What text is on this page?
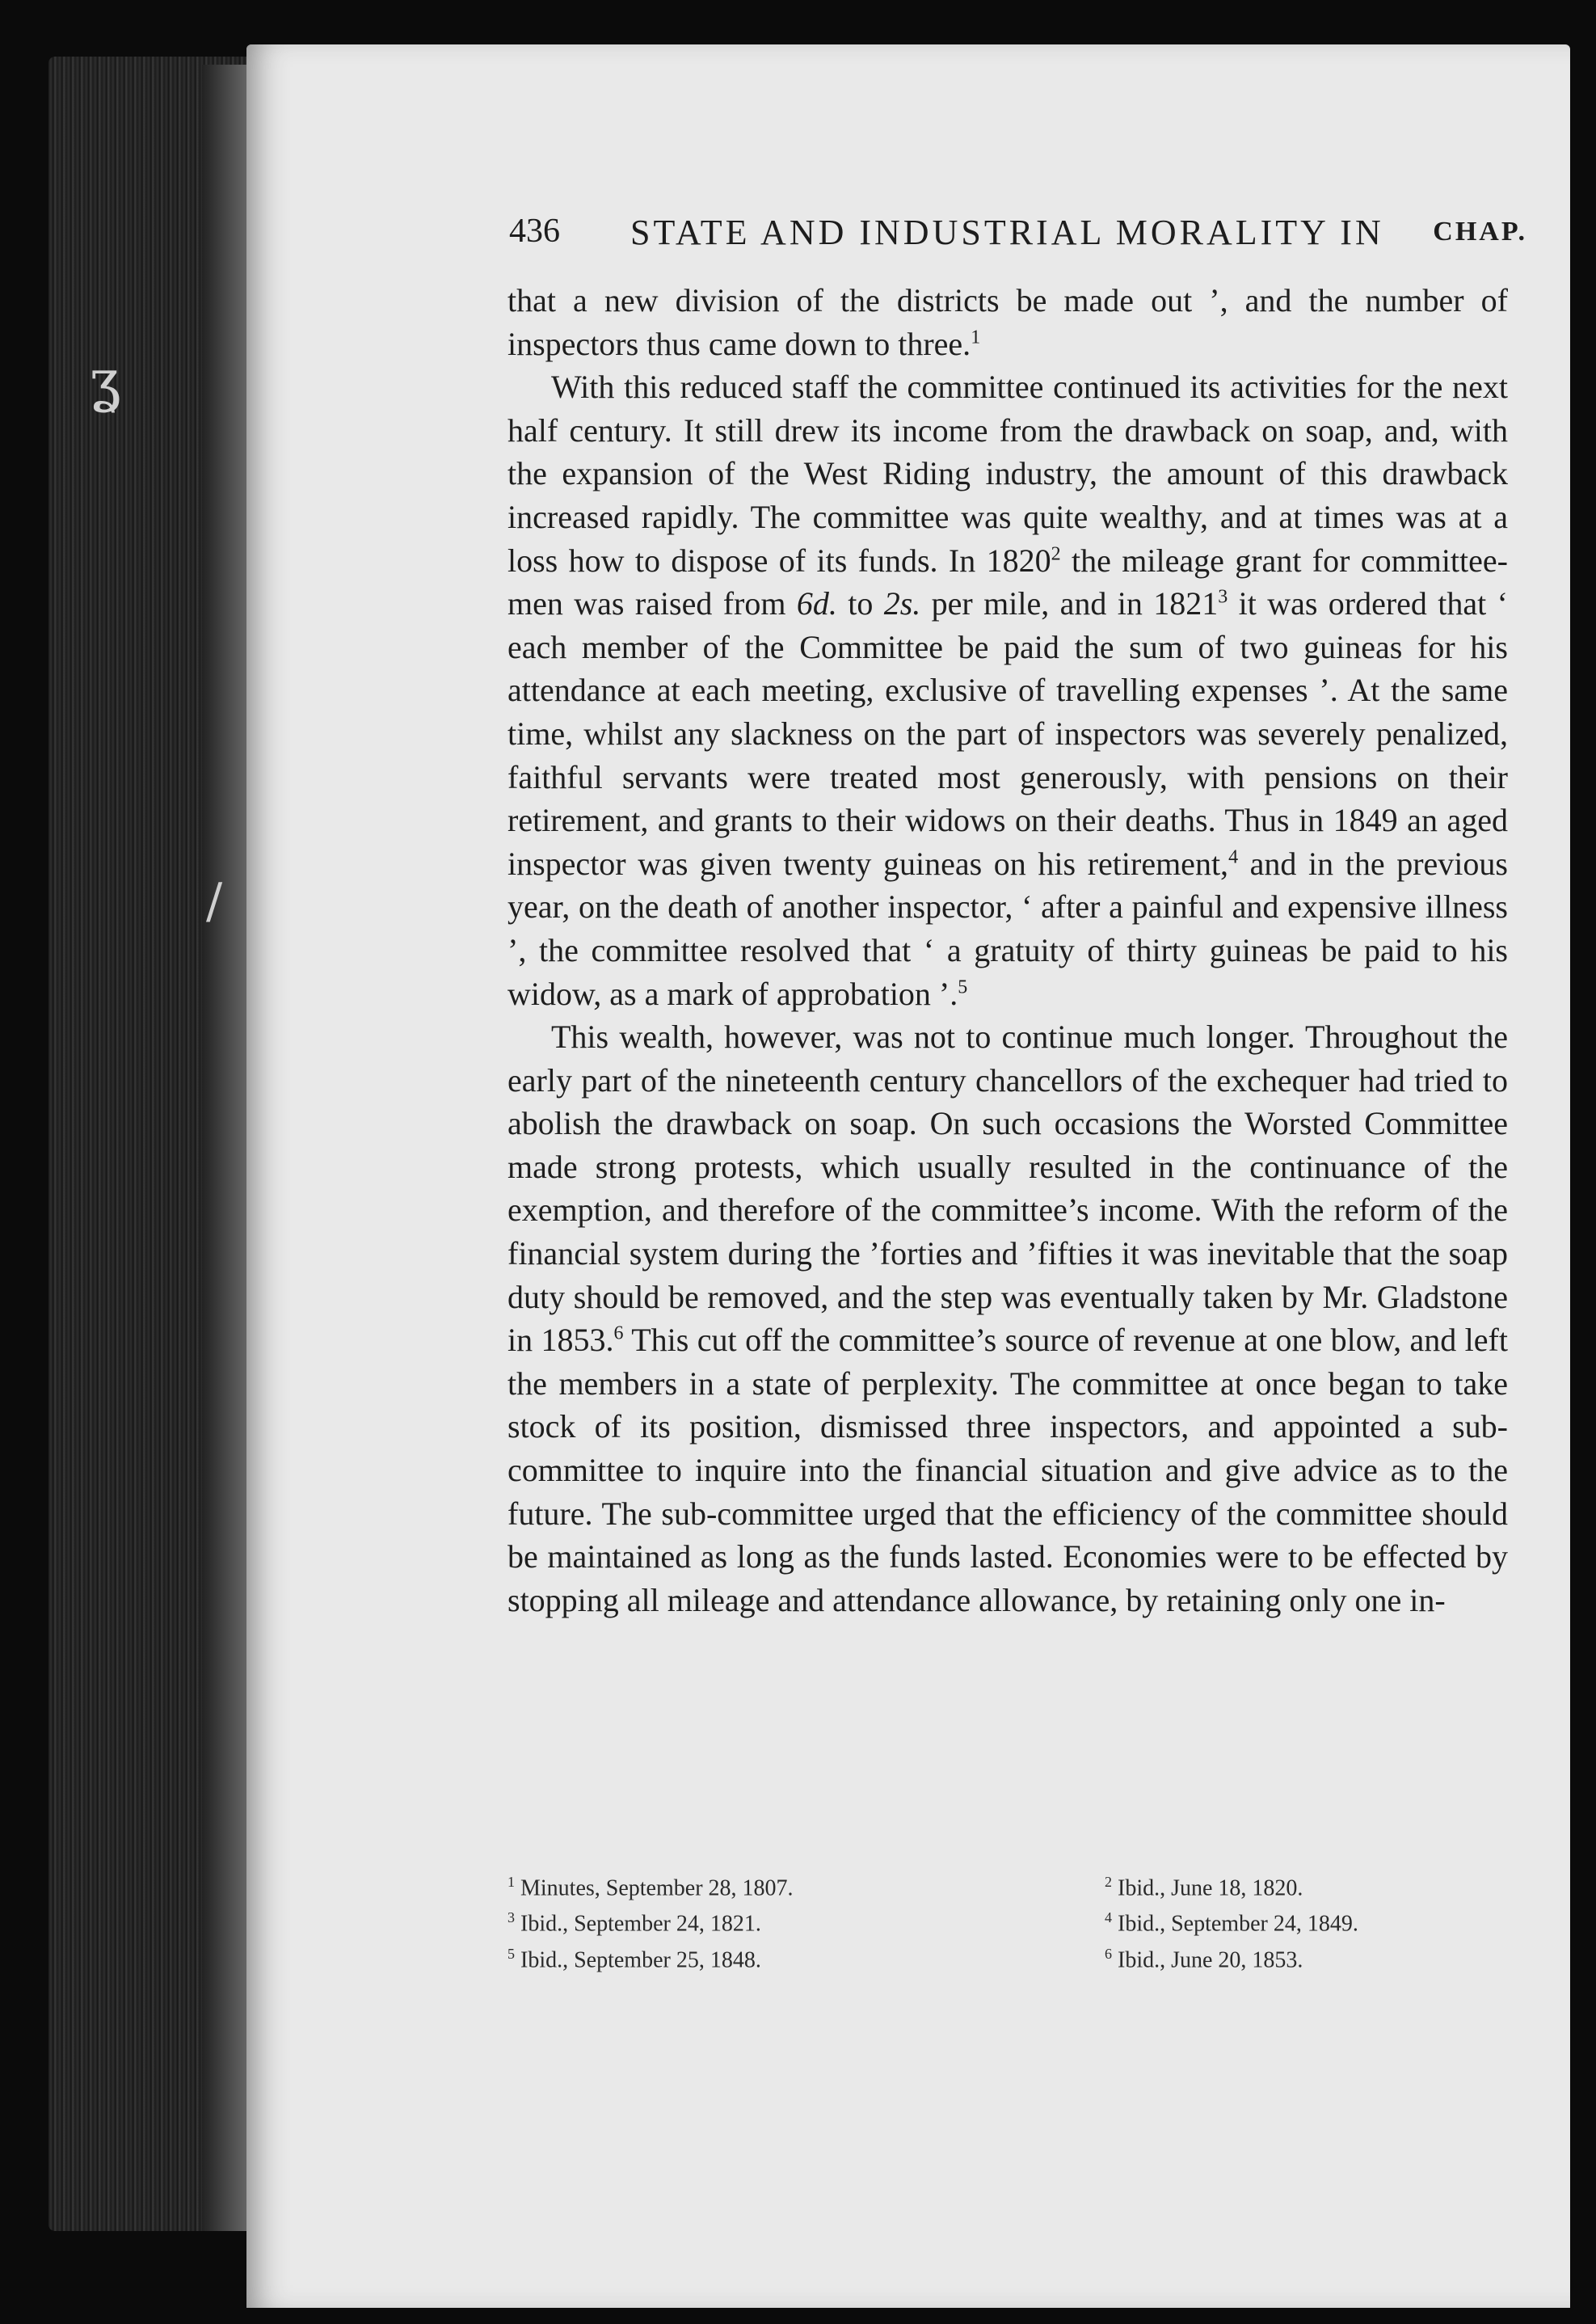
ʓ
/
436 STATE AND INDUSTRIAL MORALITY IN CHAP.

that a new division of the districts be made out ’, and the number of inspectors thus came down to three.$^1$

With this reduced staff the committee continued its activities for the next half century. It still drew its income from the drawback on soap, and, with the expansion of the West Riding industry, the amount of this drawback increased rapidly. The committee was quite wealthy, and at times was at a loss how to dispose of its funds. In 1820$^2$ the mileage grant for committee-men was raised from 6d. to 2s. per mile, and in 1821$^3$ it was ordered that ‘ each member of the Committee be paid the sum of two guineas for his attendance at each meeting, exclusive of travelling expenses ’. At the same time, whilst any slackness on the part of inspectors was severely penalized, faithful servants were treated most generously, with pensions on their retirement, and grants to their widows on their deaths. Thus in 1849 an aged inspector was given twenty guineas on his retirement,$^4$ and in the previous year, on the death of another inspector, ‘ after a painful and expensive illness ’, the committee resolved that ‘ a gratuity of thirty guineas be paid to his widow, as a mark of approbation ’.$^5$

This wealth, however, was not to continue much longer. Throughout the early part of the nineteenth century chancellors of the exchequer had tried to abolish the drawback on soap. On such occasions the Worsted Committee made strong protests, which usually resulted in the continuance of the exemption, and therefore of the committee’s income. With the reform of the financial system during the ’forties and ’fifties it was inevitable that the soap duty should be removed, and the step was eventually taken by Mr. Gladstone in 1853.$^6$ This cut off the committee’s source of revenue at one blow, and left the members in a state of perplexity. The committee at once began to take stock of its position, dismissed three inspectors, and appointed a sub-committee to inquire into the financial situation and give advice as to the future. The sub-committee urged that the efficiency of the committee should be maintained as long as the funds lasted. Economies were to be effected by stopping all mileage and attendance allowance, by retaining only one in-

$^1$ Minutes, September 28, 1807.	$^2$ Ibid., June 18, 1820.
$^3$ Ibid., September 24, 1821.	$^4$ Ibid., September 24, 1849.
$^5$ Ibid., September 25, 1848.	$^6$ Ibid., June 20, 1853.
